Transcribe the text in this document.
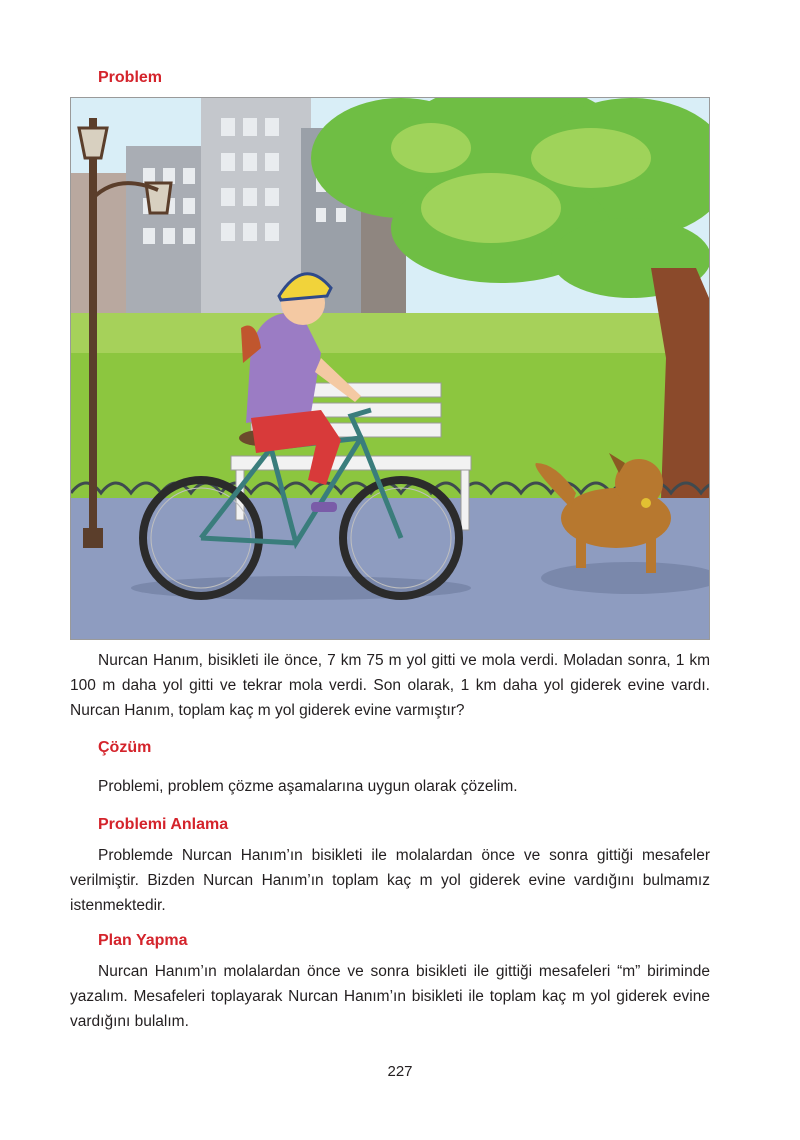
Problem

Nurcan Hanım, bisikleti ile önce, 7 km 75 m yol gitti ve mola verdi. Moladan sonra, 1 km 100 m daha yol gitti ve tekrar mola verdi. Son olarak, 1 km daha yol giderek evine vardı. Nurcan Hanım, toplam kaç m yol giderek evine varmıştır?

Çözüm

Problemi, problem çözme aşamalarına uygun olarak çözelim.

Problemi Anlama

Problemde Nurcan Hanım’ın bisikleti ile molalardan önce ve sonra gittiği mesafeler verilmiştir. Bizden Nurcan Hanım’ın toplam kaç m yol giderek evine vardığını bulmamız istenmektedir.

Plan Yapma

Nurcan Hanım’ın molalardan önce ve sonra bisikleti ile gittiği mesafeleri “m” biriminde yazalım. Mesafeleri toplayarak Nurcan Hanım’ın bisikleti ile toplam kaç m yol giderek evine vardığını bulalım.

227
